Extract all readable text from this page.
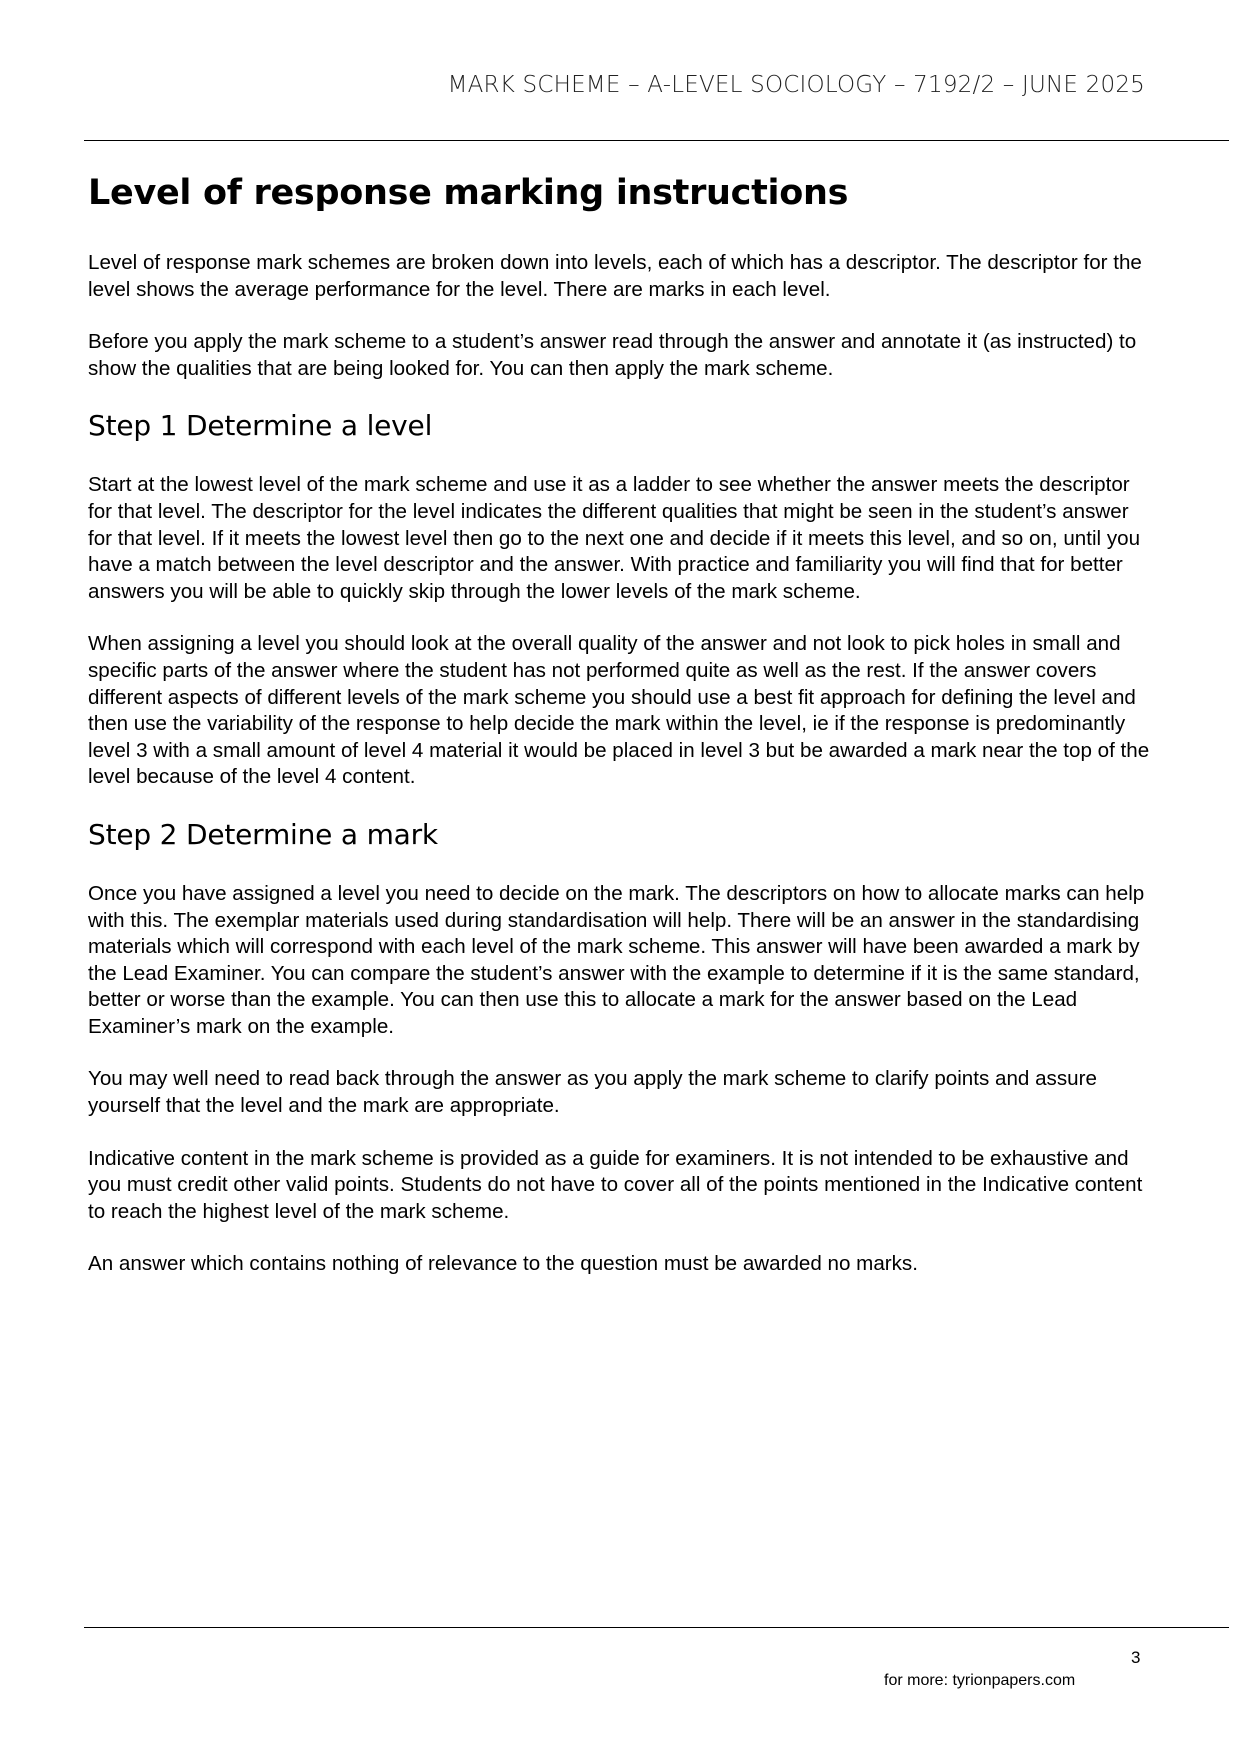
MARK SCHEME – A-LEVEL SOCIOLOGY – 7192/2 – JUNE 2025
Level of response marking instructions

Level of response mark schemes are broken down into levels, each of which has a descriptor. The descriptor for the level shows the average performance for the level. There are marks in each level.

Before you apply the mark scheme to a student’s answer read through the answer and annotate it (as instructed) to show the qualities that are being looked for. You can then apply the mark scheme.

Step 1 Determine a level

Start at the lowest level of the mark scheme and use it as a ladder to see whether the answer meets the descriptor for that level. The descriptor for the level indicates the different qualities that might be seen in the student’s answer for that level. If it meets the lowest level then go to the next one and decide if it meets this level, and so on, until you have a match between the level descriptor and the answer. With practice and familiarity you will find that for better answers you will be able to quickly skip through the lower levels of the mark scheme.

When assigning a level you should look at the overall quality of the answer and not look to pick holes in small and specific parts of the answer where the student has not performed quite as well as the rest. If the answer covers different aspects of different levels of the mark scheme you should use a best fit approach for defining the level and then use the variability of the response to help decide the mark within the level, ie if the response is predominantly level 3 with a small amount of level 4 material it would be placed in level 3 but be awarded a mark near the top of the level because of the level 4 content.

Step 2 Determine a mark

Once you have assigned a level you need to decide on the mark. The descriptors on how to allocate marks can help with this. The exemplar materials used during standardisation will help. There will be an answer in the standardising materials which will correspond with each level of the mark scheme. This answer will have been awarded a mark by the Lead Examiner. You can compare the student’s answer with the example to determine if it is the same standard, better or worse than the example. You can then use this to allocate a mark for the answer based on the Lead Examiner’s mark on the example.

You may well need to read back through the answer as you apply the mark scheme to clarify points and assure yourself that the level and the mark are appropriate.

Indicative content in the mark scheme is provided as a guide for examiners. It is not intended to be exhaustive and you must credit other valid points. Students do not have to cover all of the points mentioned in the Indicative content to reach the highest level of the mark scheme.

An answer which contains nothing of relevance to the question must be awarded no marks.

3
for more: tyrionpapers.com
